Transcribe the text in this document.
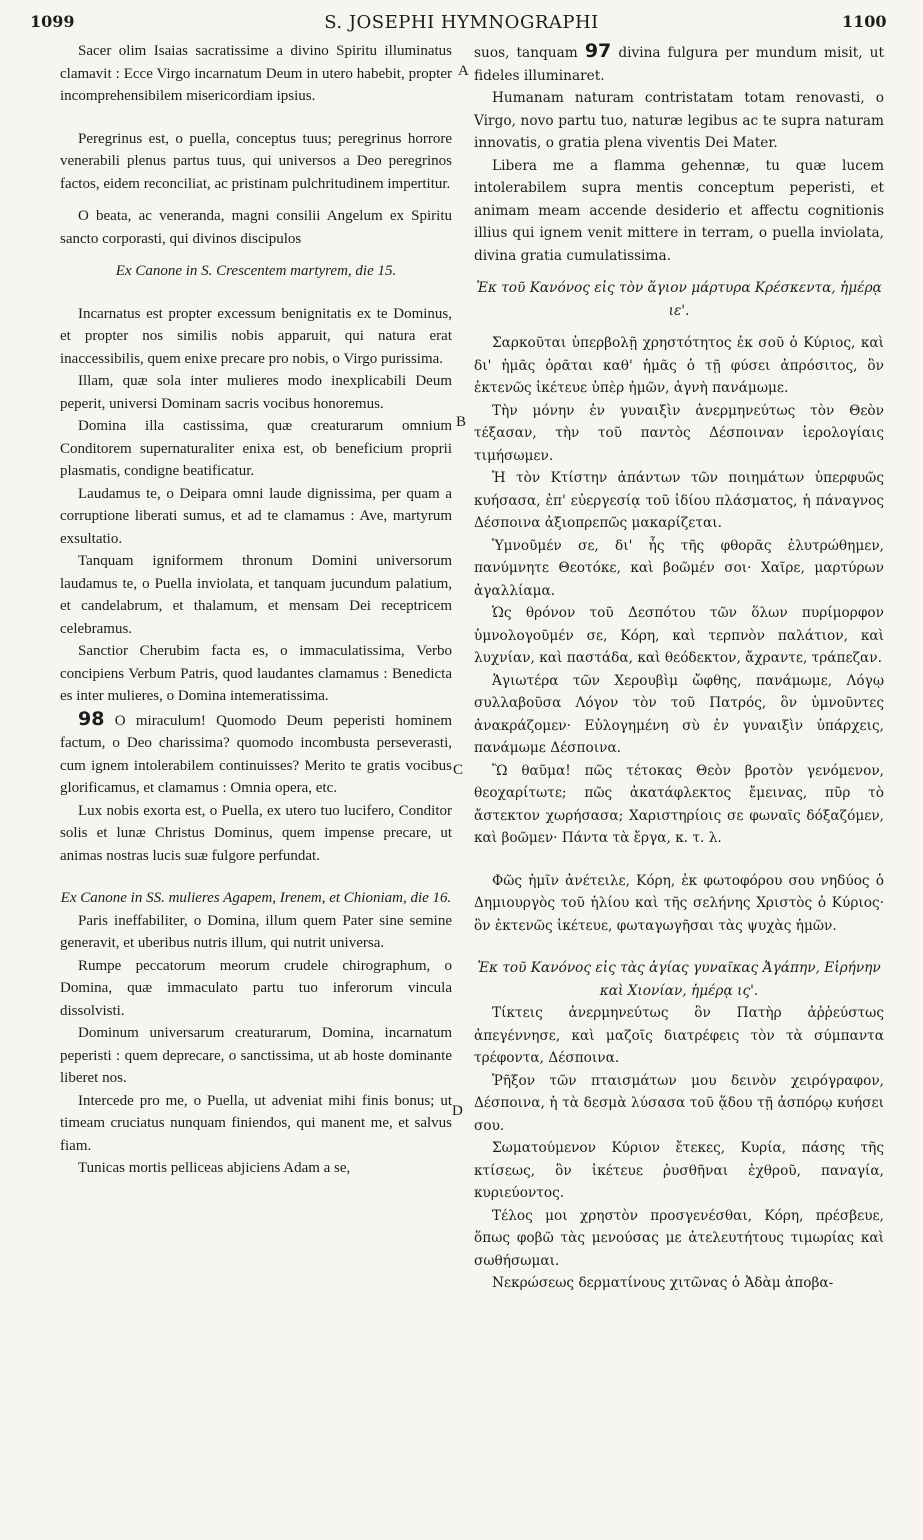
1099	S. JOSEPHI HYMNOGRAPHI	1100
A
B
C
D

Sacer olim Isaias sacratissime a divino Spiritu illuminatus clamavit : Ecce Virgo incarnatum Deum in utero habebit, propter incomprehensibilem misericordiam ipsius.

Peregrinus est, o puella, conceptus tuus; peregrinus horrore venerabili plenus partus tuus, qui universos a Deo peregrinos factos, eidem reconciliat, ac pristinam pulchritudinem impertitur.

O beata, ac veneranda, magni consilii Angelum ex Spiritu sancto corporasti, qui divinos discipulos

Ex Canone in S. Crescentem martyrem, die 15.

Incarnatus est propter excessum benignitatis ex te Dominus, et propter nos similis nobis apparuit, qui natura erat inaccessibilis, quem enixe precare pro nobis, o Virgo purissima.

Illam, quæ sola inter mulieres modo inexplicabili Deum peperit, universi Dominam sacris vocibus honoremus.

Domina illa castissima, quæ creaturarum omnium Conditorem supernaturaliter enixa est, ob beneficium proprii plasmatis, condigne beatificatur.

Laudamus te, o Deipara omni laude dignissima, per quam a corruptione liberati sumus, et ad te clamamus : Ave, martyrum exsultatio.

Tanquam igniformem thronum Domini universorum laudamus te, o Puella inviolata, et tanquam jucundum palatium, et candelabrum, et thalamum, et mensam Dei receptricem celebramus.

Sanctior Cherubim facta es, o immaculatissima, Verbo concipiens Verbum Patris, quod laudantes clamamus : Benedicta es inter mulieres, o Domina intemeratissima.

98 O miraculum! Quomodo Deum peperisti hominem factum, o Deo charissima? quomodo incombusta perseverasti, cum ignem intolerabilem continuisses? Merito te gratis vocibus glorificamus, et clamamus : Omnia opera, etc.

Lux nobis exorta est, o Puella, ex utero tuo lucifero, Conditor solis et lunæ Christus Dominus, quem impense precare, ut animas nostras lucis suæ fulgore perfundat.

Ex Canone in SS. mulieres Agapem, Irenem, et Chioniam, die 16.

Paris ineffabiliter, o Domina, illum quem Pater sine semine generavit, et uberibus nutris illum, qui nutrit universa.

Rumpe peccatorum meorum crudele chirographum, o Domina, quæ immaculato partu tuo inferorum vincula dissolvisti.

Dominum universarum creaturarum, Domina, incarnatum peperisti : quem deprecare, o sanctissima, ut ab hoste dominante liberet nos.

Intercede pro me, o Puella, ut adveniat mihi finis bonus; ut timeam cruciatus nunquam finiendos, qui manent me, et salvus fiam.

Tunicas mortis pelliceas abjiciens Adam a se,

suos, tanquam 97 divina fulgura per mundum misit, ut fideles illuminaret.

Humanam naturam contristatam totam renovasti, o Virgo, novo partu tuo, naturæ legibus ac te supra naturam innovatis, o gratia plena viventis Dei Mater.

Libera me a flamma gehennæ, tu quæ lucem intolerabilem supra mentis conceptum peperisti, et animam meam accende desiderio et affectu cognitionis illius qui ignem venit mittere in terram, o puella inviolata, divina gratia cumulatissima.

Ἐκ τοῦ Κανόνος εἰς τὸν ἅγιον μάρτυρα Κρέσκεντα, ἡμέρᾳ ιε'.

Σαρκοῦται ὑπερβολῇ χρηστότητος ἐκ σοῦ ὁ Κύριος, καὶ δι' ἡμᾶς ὁρᾶται καθ' ἡμᾶς ὁ τῇ φύσει ἀπρόσιτος, ὃν ἐκτενῶς ἱκέτευε ὑπὲρ ἡμῶν, ἁγνὴ πανάμωμε.

Τὴν μόνην ἐν γυναιξὶν ἀνερμηνεύτως τὸν Θεὸν τέξασαν, τὴν τοῦ παντὸς Δέσποιναν ἱερολογίαις τιμήσωμεν.

Ἡ τὸν Κτίστην ἁπάντων τῶν ποιημάτων ὑπερφυῶς κυήσασα, ἐπ' εὐεργεσίᾳ τοῦ ἰδίου πλάσματος, ἡ πάναγνος Δέσποινα ἀξιοπρεπῶς μακαρίζεται.

Ὑμνοῦμέν σε, δι' ἧς τῆς φθορᾶς ἐλυτρώθημεν, πανύμνητε Θεοτόκε, καὶ βοῶμέν σοι· Χαῖρε, μαρτύρων ἀγαλλίαμα.

Ὡς θρόνον τοῦ Δεσπότου τῶν ὅλων πυρίμορφον ὑμνολογοῦμέν σε, Κόρη, καὶ τερπνὸν παλάτιον, καὶ λυχνίαν, καὶ παστάδα, καὶ θεόδεκτον, ἄχραντε, τράπεζαν.

Ἁγιωτέρα τῶν Χερουβὶμ ὤφθης, πανάμωμε, Λόγῳ συλλαβοῦσα Λόγον τὸν τοῦ Πατρός, ὃν ὑμνοῦντες ἀνακράζομεν· Εὐλογημένη σὺ ἐν γυναιξὶν ὑπάρχεις, πανάμωμε Δέσποινα.

Ὢ θαῦμα! πῶς τέτοκας Θεὸν βροτὸν γενόμενον, θεοχαρίτωτε; πῶς ἀκατάφλεκτος ἔμεινας, πῦρ τὸ ἄστεκτον χωρήσασα; Χαριστηρίοις σε φωναῖς δόξαζόμεν, καὶ βοῶμεν· Πάντα τὰ ἔργα, κ. τ. λ.

Φῶς ἡμῖν ἀνέτειλε, Κόρη, ἐκ φωτοφόρου σου νηδύος ὁ Δημιουργὸς τοῦ ἡλίου καὶ τῆς σελήνης Χριστὸς ὁ Κύριος· ὃν ἐκτενῶς ἱκέτευε, φωταγωγῆσαι τὰς ψυχὰς ἡμῶν.

Ἐκ τοῦ Κανόνος εἰς τὰς ἁγίας γυναῖκας Ἀγάπην, Εἰρήνην καὶ Χιονίαν, ἡμέρᾳ ις'.

Τίκτεις ἀνερμηνεύτως ὃν Πατὴρ ἀῤῥεύστως ἀπεγέννησε, καὶ μαζοῖς διατρέφεις τὸν τὰ σύμπαντα τρέφοντα, Δέσποινα.

Ῥῆξον τῶν πταισμάτων μου δεινὸν χειρόγραφον, Δέσποινα, ἡ τὰ δεσμὰ λύσασα τοῦ ᾅδου τῇ ἀσπόρῳ κυήσει σου.

Σωματούμενον Κύριον ἔτεκες, Κυρία, πάσης τῆς κτίσεως, ὃν ἱκέτευε ῥυσθῆναι ἐχθροῦ, παναγία, κυριεύοντος.

Τέλος μοι χρηστὸν προσγενέσθαι, Κόρη, πρέσβευε, ὅπως φοβῶ τὰς μενούσας με ἀτελευτήτους τιμωρίας καὶ σωθήσωμαι.

Νεκρώσεως δερματίνους χιτῶνας ὁ Ἀδὰμ ἀποβα-
